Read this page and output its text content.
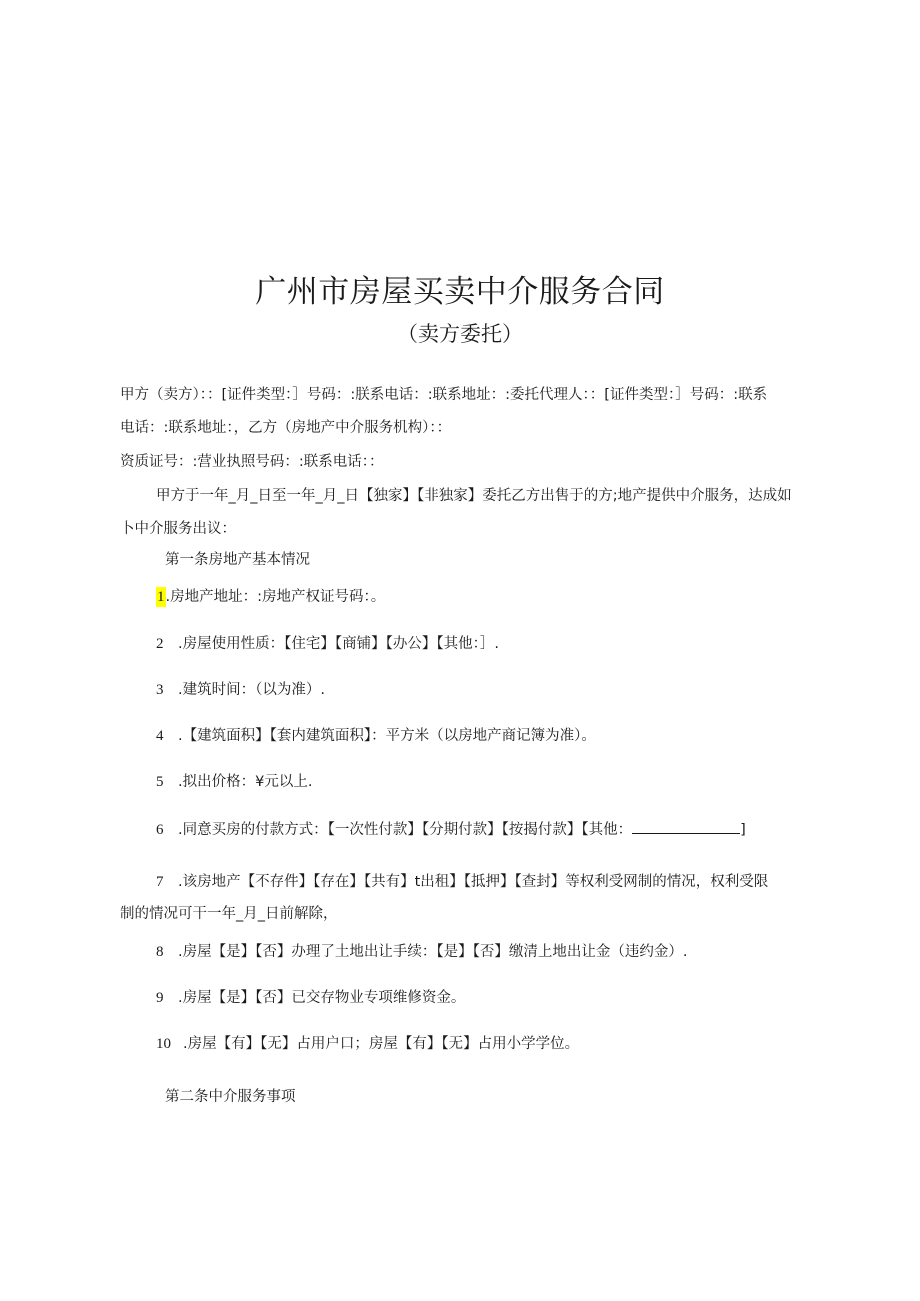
广州市房屋买卖中介服务合同
（卖方委托）
甲方（卖方）：：[证件类型：］号码：:朕系电话：:联系地址：:委托代理人：：[证件类型：］号码：:联系
电话：:联系地址：，乙方（房地产中介服务机构）：：
资质证号：:营业执照号码：:联系电话：：
甲方于一年_月_日至一年_月_日【独家】【非独家】委托乙方出售于的方;地产提供中介服务，达成如
卜中介服务出议：
第一条房地产基本情况
1.房地产地址：:房地产权证号码：。
2 .房屋使用性质：【住宅】【商铺】【办公】【其他：］.
3 .建筑时间：（以为准）.
4 .【建筑面积】【套内建筑面积】：平方米（以房地产商记簿为准）。
5 .拟出价格：¥元以上.
6 .同意买房的付款方式：【一次性付款】【分期付款】【按揭付款】【其他：	]
7 .该房地产【不存件】【存在】【共有】t出租】【抵押】【查封】等权利受网制的情况，权利受限
制的情况可干一年_月_日前解除，
8 .房屋【是】【否】办理了土地出让手续：【是】【否】缴清上地出让金（违约金）.
9 .房屋【是】【否】已交存物业专项维修资金。
10 .房屋【有】【无】占用户口；房屋【有】【无】占用小学学位。
第二条中介服务事项
